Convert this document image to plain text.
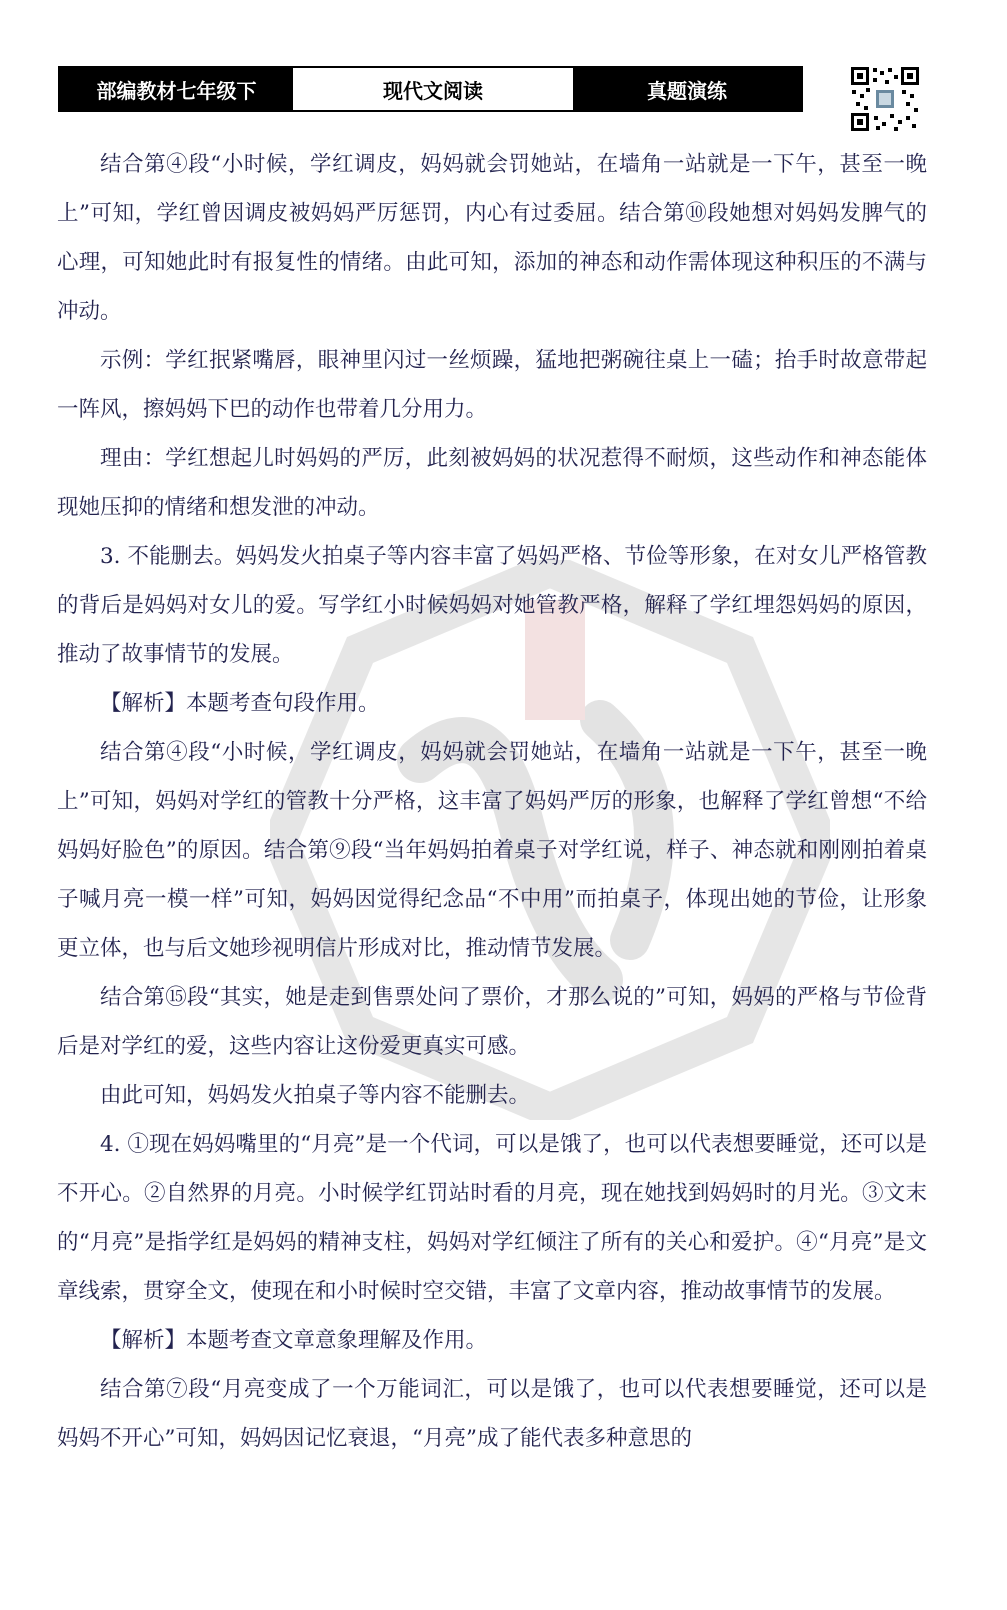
部编教材七年级下	现代文阅读	真题演练

结合第④段“小时候，学红调皮，妈妈就会罚她站，在墙角一站就是一下午，甚至一晚上”可知，学红曾因调皮被妈妈严厉惩罚，内心有过委屈。结合第⑩段她想对妈妈发脾气的心理，可知她此时有报复性的情绪。由此可知，添加的神态和动作需体现这种积压的不满与冲动。

示例：学红抿紧嘴唇，眼神里闪过一丝烦躁，猛地把粥碗往桌上一磕；抬手时故意带起一阵风，擦妈妈下巴的动作也带着几分用力。

理由：学红想起儿时妈妈的严厉，此刻被妈妈的状况惹得不耐烦，这些动作和神态能体现她压抑的情绪和想发泄的冲动。

3. 不能删去。妈妈发火拍桌子等内容丰富了妈妈严格、节俭等形象，在对女儿严格管教的背后是妈妈对女儿的爱。写学红小时候妈妈对她管教严格，解释了学红埋怨妈妈的原因，推动了故事情节的发展。

【解析】本题考查句段作用。

结合第④段“小时候，学红调皮，妈妈就会罚她站，在墙角一站就是一下午，甚至一晚上”可知，妈妈对学红的管教十分严格，这丰富了妈妈严厉的形象，也解释了学红曾想“不给妈妈好脸色”的原因。结合第⑨段“当年妈妈拍着桌子对学红说，样子、神态就和刚刚拍着桌子喊月亮一模一样”可知，妈妈因觉得纪念品“不中用”而拍桌子，体现出她的节俭，让形象更立体，也与后文她珍视明信片形成对比，推动情节发展。

结合第⑮段“其实，她是走到售票处问了票价，才那么说的”可知，妈妈的严格与节俭背后是对学红的爱，这些内容让这份爱更真实可感。

由此可知，妈妈发火拍桌子等内容不能删去。

4. ①现在妈妈嘴里的“月亮”是一个代词，可以是饿了，也可以代表想要睡觉，还可以是不开心。②自然界的月亮。小时候学红罚站时看的月亮，现在她找到妈妈时的月光。③文末的“月亮”是指学红是妈妈的精神支柱，妈妈对学红倾注了所有的关心和爱护。④“月亮”是文章线索，贯穿全文，使现在和小时候时空交错，丰富了文章内容，推动故事情节的发展。

【解析】本题考查文章意象理解及作用。

结合第⑦段“月亮变成了一个万能词汇，可以是饿了，也可以代表想要睡觉，还可以是妈妈不开心”可知，妈妈因记忆衰退，“月亮”成了能代表多种意思的
